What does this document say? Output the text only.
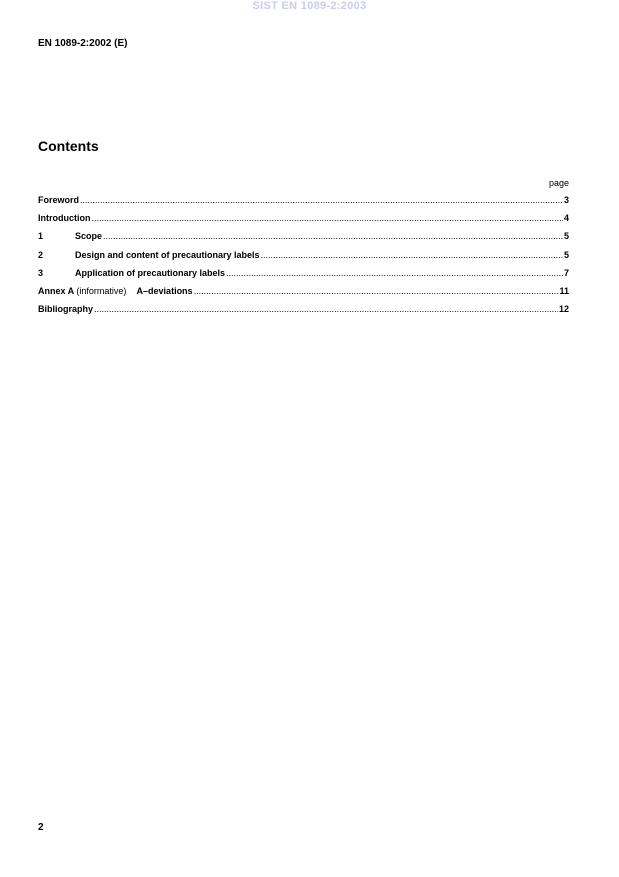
SIST EN 1089-2:2003
EN 1089-2:2002 (E)
Contents
page
Foreword .....	3
Introduction .....	4
1	Scope .....	5
2	Design and content of precautionary labels .....	5
3	Application of precautionary labels .....	7
Annex A (informative) A–deviations .....	11
Bibliography .....	12
2
